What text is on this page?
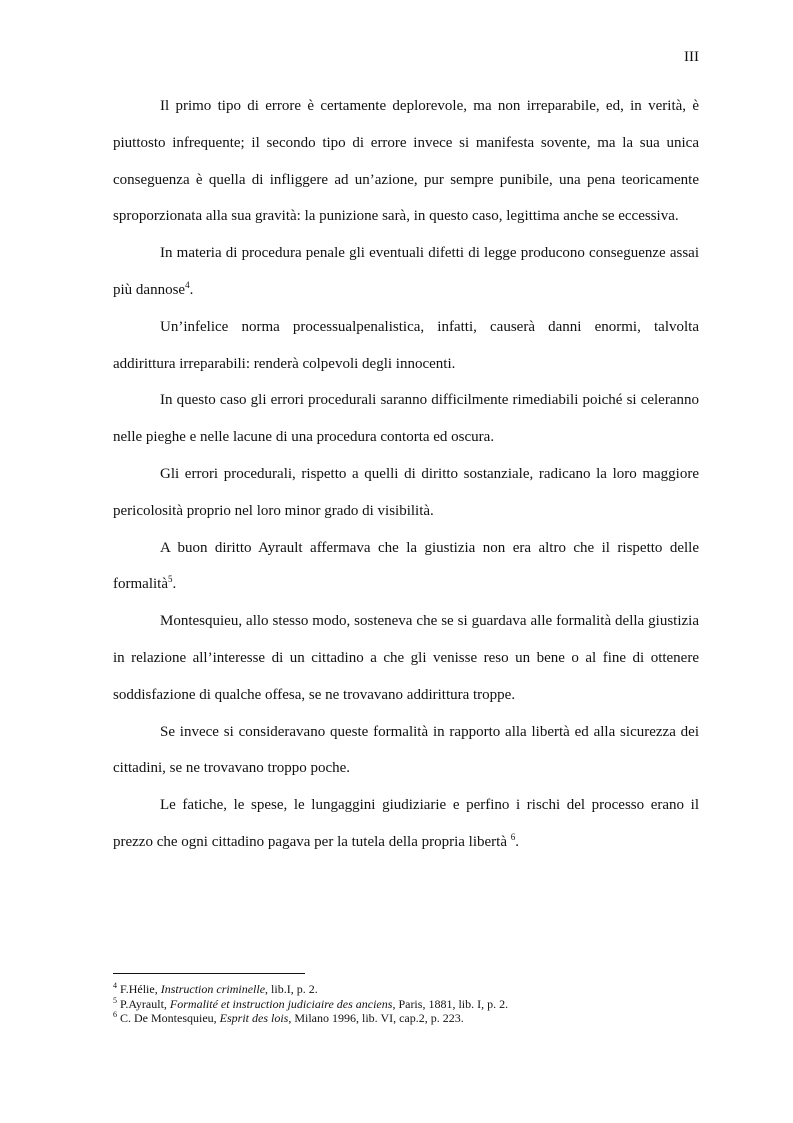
III

Il primo tipo di errore è certamente deplorevole, ma non irreparabile, ed, in verità, è piuttosto infrequente; il secondo tipo di errore invece si manifesta sovente, ma la sua unica conseguenza è quella di infliggere ad un’azione, pur sempre punibile, una pena teoricamente sproporzionata alla sua gravità: la punizione sarà, in questo caso, legittima anche se eccessiva.

In materia di procedura penale gli eventuali difetti di legge producono conseguenze assai più dannose$^4$.

Un’infelice norma processualpenalistica, infatti, causerà danni enormi, talvolta addirittura irreparabili: renderà colpevoli degli innocenti.

In questo caso gli errori procedurali saranno difficilmente rimediabili poiché si celeranno nelle pieghe e nelle lacune di una procedura contorta ed oscura.

Gli errori procedurali, rispetto a quelli di diritto sostanziale, radicano la loro maggiore pericolosità proprio nel loro minor grado di visibilità.

A buon diritto Ayrault affermava che la giustizia non era altro che il rispetto delle formalità$^5$.

Montesquieu, allo stesso modo, sosteneva che se si guardava alle formalità della giustizia in relazione all’interesse di un cittadino a che gli venisse reso un bene o al fine di ottenere soddisfazione di qualche offesa, se ne trovavano addirittura troppe.

Se invece si consideravano queste formalità in rapporto alla libertà ed alla sicurezza dei cittadini, se ne trovavano troppo poche.

Le fatiche, le spese, le lungaggini giudiziarie e perfino i rischi del processo erano il prezzo che ogni cittadino pagava per la tutela della propria libertà $^6$.

$^4$ F.Hélie, Instruction criminelle, lib.I, p. 2.

$^5$ P.Ayrault, Formalité et instruction judiciaire des anciens, Paris, 1881, lib. I, p. 2.

$^6$ C. De Montesquieu, Esprit des lois, Milano 1996, lib. VI, cap.2, p. 223.
